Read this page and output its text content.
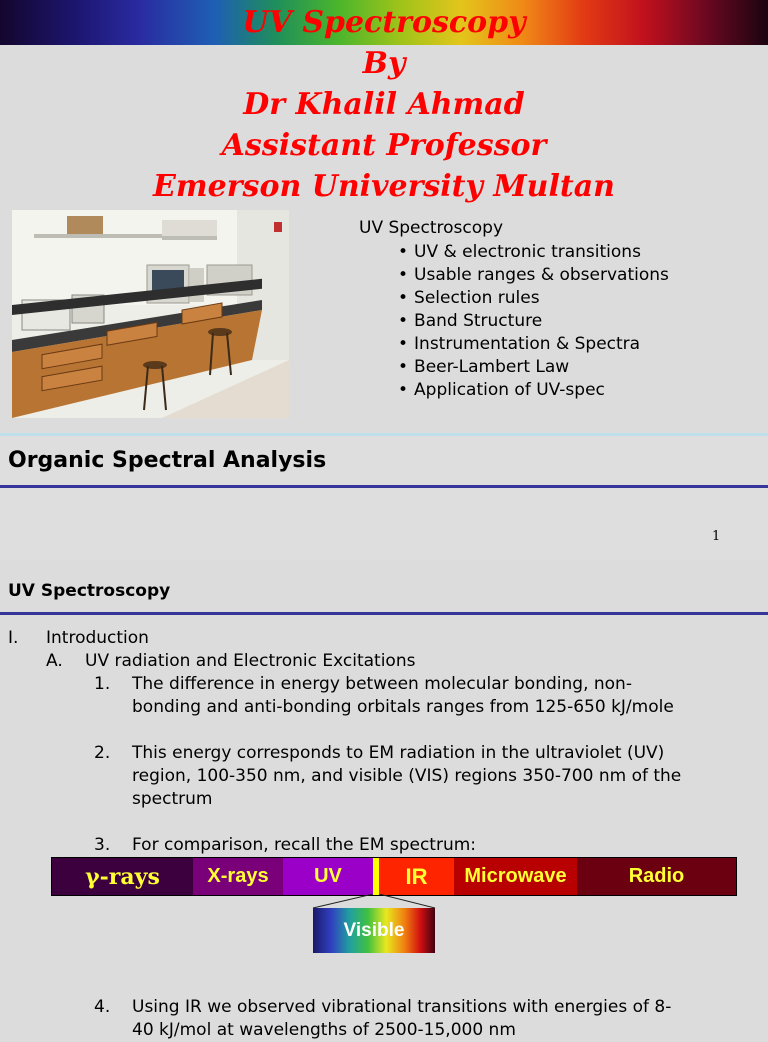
UV Spectroscopy
By
Dr Khalil Ahmad
Assistant Professor
Emerson University Multan
UV Spectroscopy
• UV & electronic transitions
• Usable ranges & observations
• Selection rules
• Band Structure
• Instrumentation & Spectra
• Beer-Lambert Law
• Application of UV-spec
Organic Spectral Analysis
1
UV Spectroscopy
I. Introduction
A. UV radiation and Electronic Excitations
1. The difference in energy between molecular bonding, non-
bonding and anti-bonding orbitals ranges from 125-650 kJ/mole
2. This energy corresponds to EM radiation in the ultraviolet (UV)
region, 100-350 nm, and visible (VIS) regions 350-700 nm of the
spectrum
3. For comparison, recall the EM spectrum:
γ-rays	X-rays	UV	IR	Microwave	Radio
Visible
4. Using IR we observed vibrational transitions with energies of 8-
40 kJ/mol at wavelengths of 2500-15,000 nm
